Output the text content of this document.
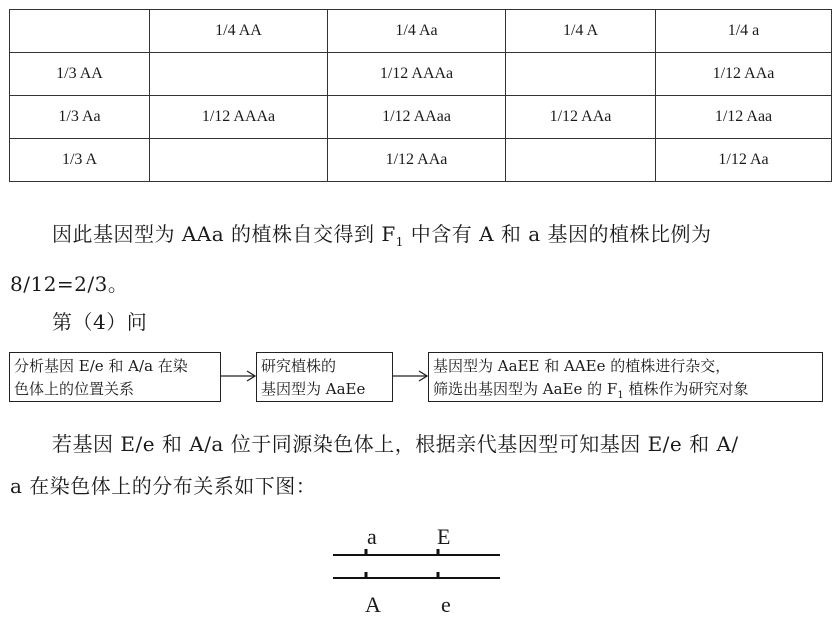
	1/4 AA	1/4 Aa	1/4 A	1/4 a
1/3 AA		1/12 AAAa		1/12 AAa
1/3 Aa	1/12 AAAa	1/12 AAaa	1/12 AAa	1/12 Aaa
1/3 A		1/12 AAa		1/12 Aa

因此基因型为 AAa 的植株自交得到 $F_1$ 中含有 A 和 a 基因的植株比例为

8/12=2/3。

第（4）问

分析基因 E/e 和 A/a 在染
色体上的位置关系
研究植株的
基因型为 AaEe
基因型为 AaEE 和 AAEe 的植株进行杂交，
筛选出基因型为 AaEe 的 $F_1$ 植株作为研究对象

若基因 E/e 和 A/a 位于同源染色体上，根据亲代基因型可知基因 E/e 和 A/

a 在染色体上的分布关系如下图：

a	E
A	e
